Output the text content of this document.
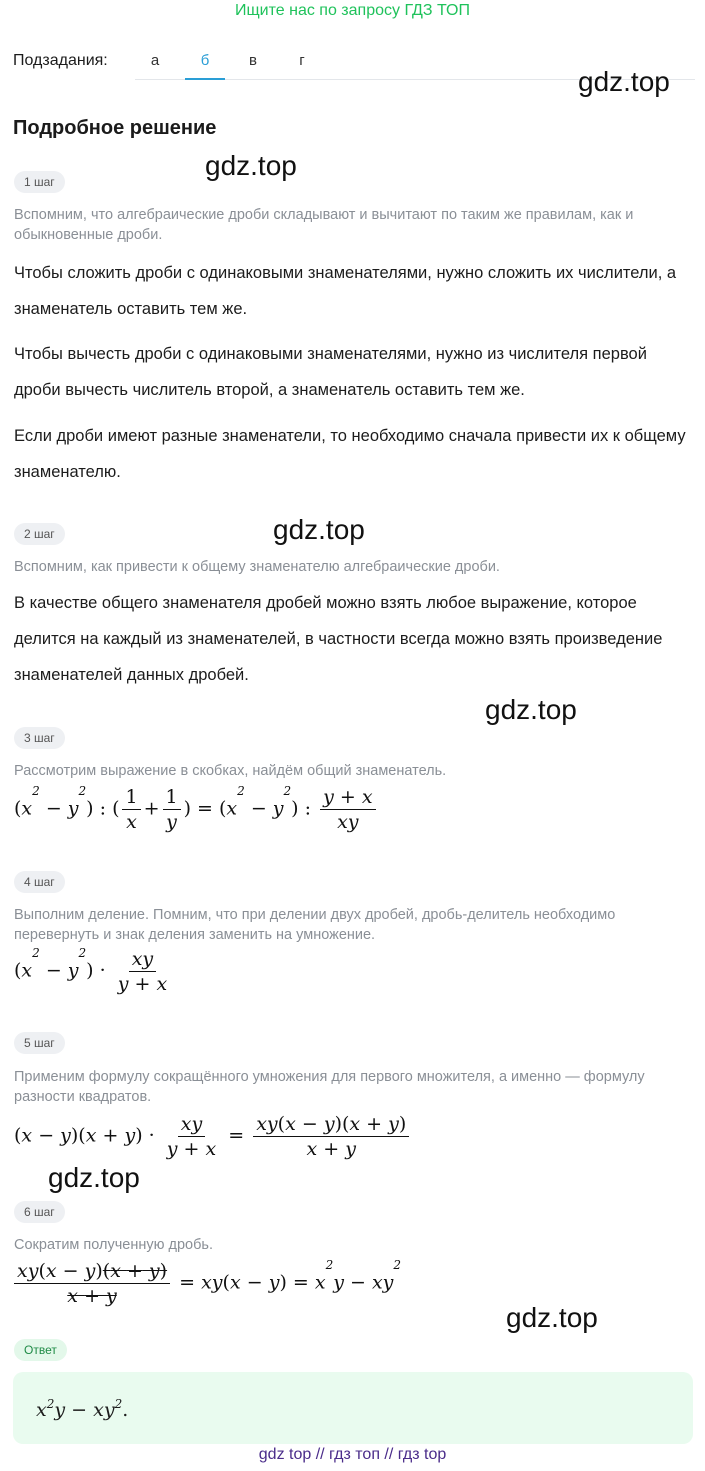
Ищите нас по запросу ГДЗ ТОП
Подзадания:	а	б	в	г
gdz.top
Подробное решение
gdz.top
1 шаг
Вспомним, что алгебраические дроби складывают и вычитают по таким же правилам, как и обыкновенные дроби.
Чтобы сложить дроби с одинаковыми знаменателями, нужно сложить их числители, а знаменатель оставить тем же.
Чтобы вычесть дроби с одинаковыми знаменателями, нужно из числителя первой дроби вычесть числитель второй, а знаменатель оставить тем же.
Если дроби имеют разные знаменатели, то необходимо сначала привести их к общему знаменателю.
2 шаг	gdz.top
Вспомним, как привести к общему знаменателю алгебраические дроби.
В качестве общего знаменателя дробей можно взять любое выражение, которое делится на каждый из знаменателей, в частности всегда можно взять произведение знаменателей данных дробей.
gdz.top
3 шаг
Рассмотрим выражение в скобках, найдём общий знаменатель.
$(x^2 - y^2)$ : ( $\frac{1}{x} + \frac{1}{y}$ ) = $(x^2 - y^2)$ : $\frac{y + x}{xy}$
4 шаг
Выполним деление. Помним, что при делении двух дробей, дробь-делитель необходимо перевернуть и знак деления заменить на умножение.
$(x^2 - y^2) \cdot \frac{xy}{y + x}$
5 шаг
Применим формулу сокращённого умножения для первого множителя, а именно — формулу разности квадратов.
$(x - y)(x + y) \cdot \frac{xy}{y + x} = \frac{xy(x - y)(x + y)}{x + y}$
gdz.top
6 шаг
Сократим полученную дробь.
$\frac{xy(x - y)(x + y)}{x + y} = xy(x - y) = x^2y - xy^2$
gdz.top
Ответ
$x^2y - xy^2$.
gdz top // гдз топ // гдз top
